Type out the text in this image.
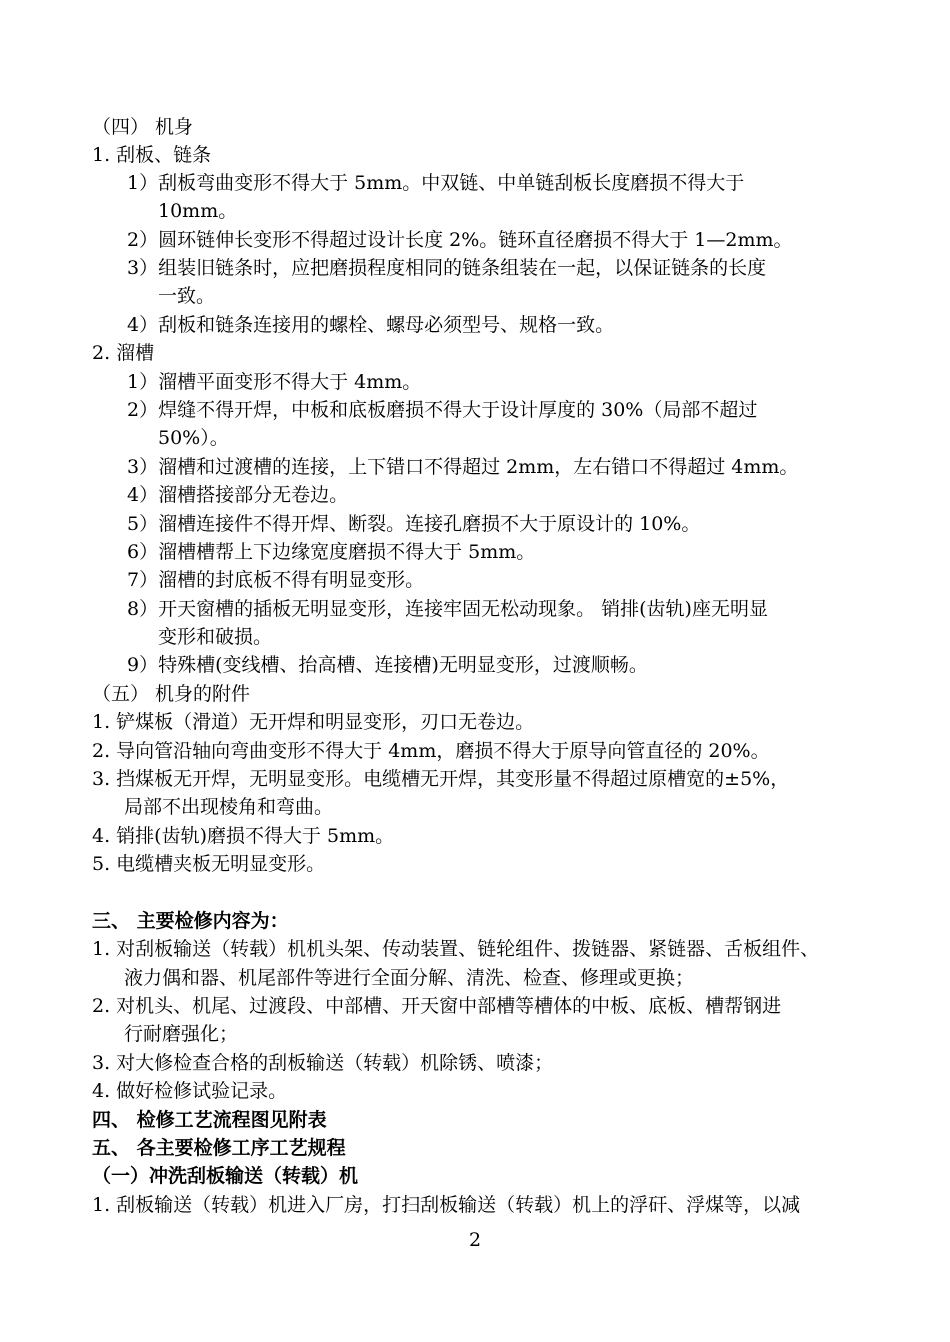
（四） 机身
1. 刮板、链条
1）刮板弯曲变形不得大于 5mm。中双链、中单链刮板长度磨损不得大于
10mm。
2）圆环链伸长变形不得超过设计长度 2%。链环直径磨损不得大于 1—2mm。
3）组装旧链条时，应把磨损程度相同的链条组装在一起，以保证链条的长度
一致。
4）刮板和链条连接用的螺栓、螺母必须型号、规格一致。
2. 溜槽
1）溜槽平面变形不得大于 4mm。
2）焊缝不得开焊，中板和底板磨损不得大于设计厚度的 30%（局部不超过
50%）。
3）溜槽和过渡槽的连接，上下错口不得超过 2mm，左右错口不得超过 4mm。
4）溜槽搭接部分无卷边。
5）溜槽连接件不得开焊、断裂。连接孔磨损不大于原设计的 10%。
6）溜槽槽帮上下边缘宽度磨损不得大于 5mm。
7）溜槽的封底板不得有明显变形。
8）开天窗槽的插板无明显变形，连接牢固无松动现象。 销排(齿轨)座无明显
变形和破损。
9）特殊槽(变线槽、抬高槽、连接槽)无明显变形，过渡顺畅。
（五） 机身的附件
1. 铲煤板（滑道）无开焊和明显变形，刃口无卷边。
2. 导向管沿轴向弯曲变形不得大于 4mm，磨损不得大于原导向管直径的 20%。
3. 挡煤板无开焊，无明显变形。电缆槽无开焊，其变形量不得超过原槽宽的±5%，
局部不出现棱角和弯曲。
4. 销排(齿轨)磨损不得大于 5mm。
5. 电缆槽夹板无明显变形。
三、 主要检修内容为：
1. 对刮板输送（转载）机机头架、传动装置、链轮组件、拨链器、紧链器、舌板组件、
液力偶和器、机尾部件等进行全面分解、清洗、检查、修理或更换；
2. 对机头、机尾、过渡段、中部槽、开天窗中部槽等槽体的中板、底板、槽帮钢进
行耐磨强化；
3. 对大修检查合格的刮板输送（转载）机除锈、喷漆；
4. 做好检修试验记录。
四、 检修工艺流程图见附表
五、 各主要检修工序工艺规程
（一）冲洗刮板输送（转载）机
1. 刮板输送（转载）机进入厂房，打扫刮板输送（转载）机上的浮矸、浮煤等，以减
2
